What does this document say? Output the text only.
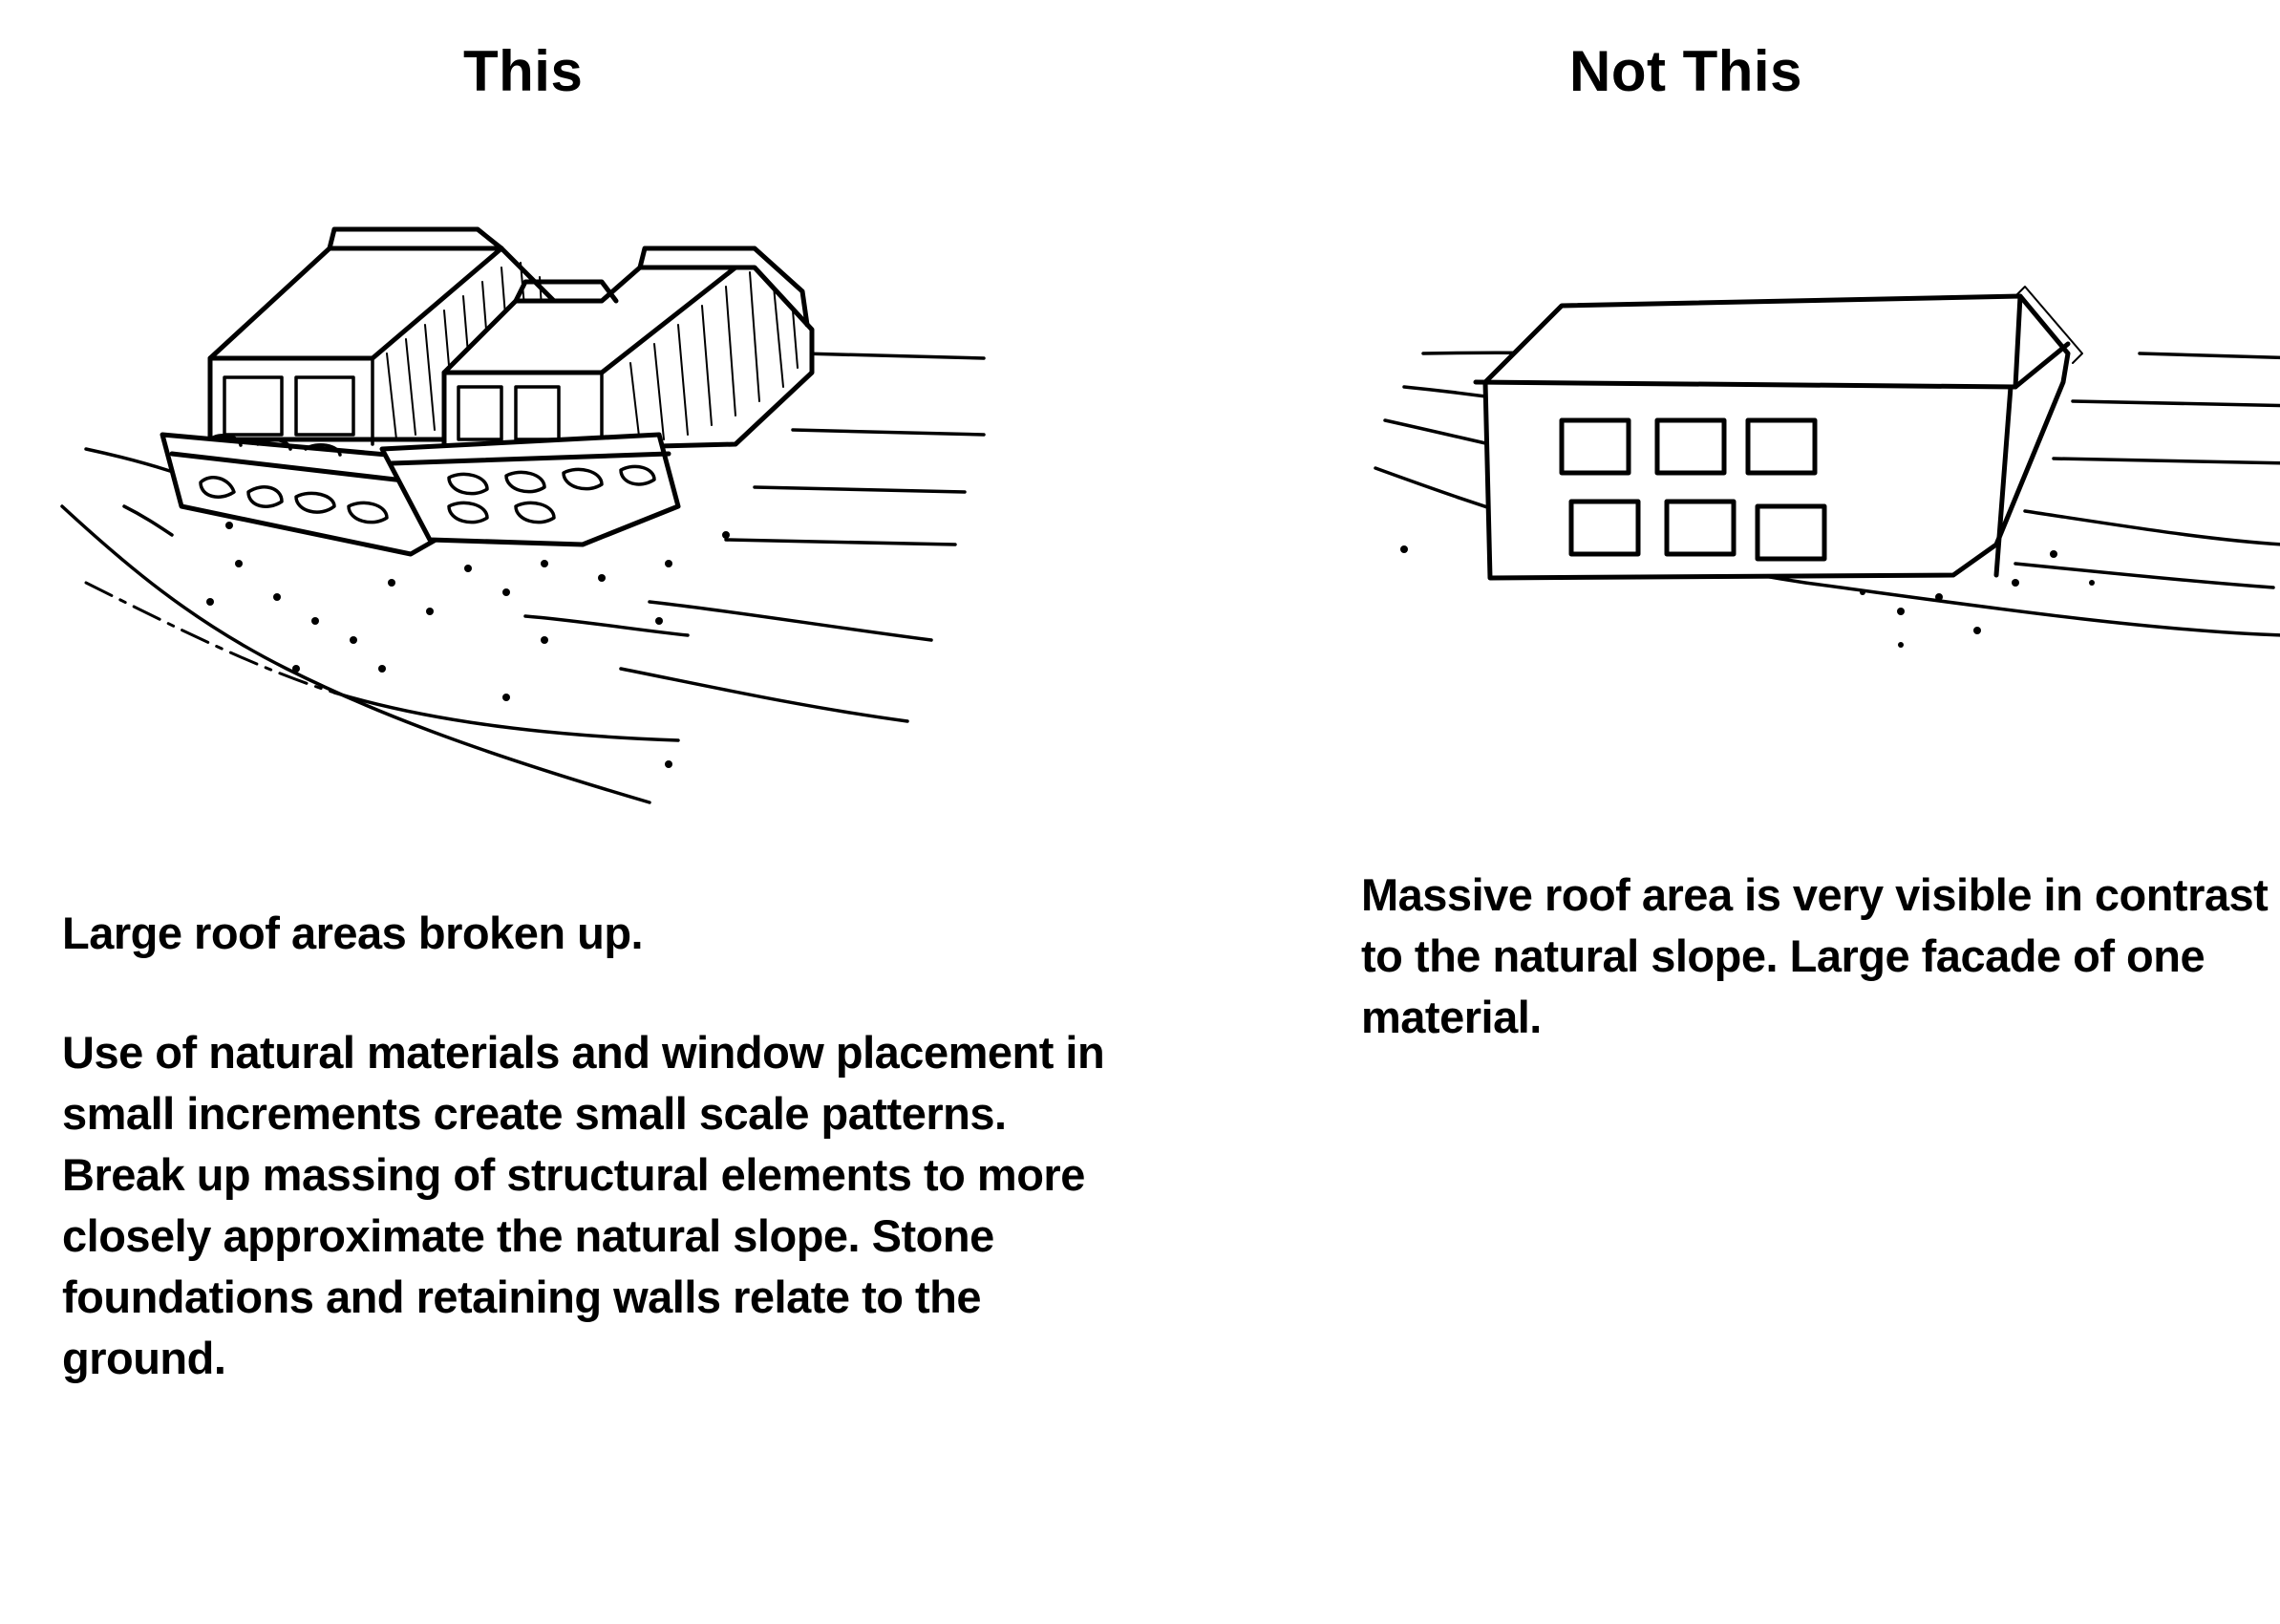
This
Large roof areas broken up.
Use of natural materials and window placement in small increments create small scale patterns. Break up massing of structural elements to more closely approximate the natural slope. Stone foundations and retaining walls relate to the ground.
Not This
Massive roof area is very visible in contrast to the natural slope. Large facade of one material.
